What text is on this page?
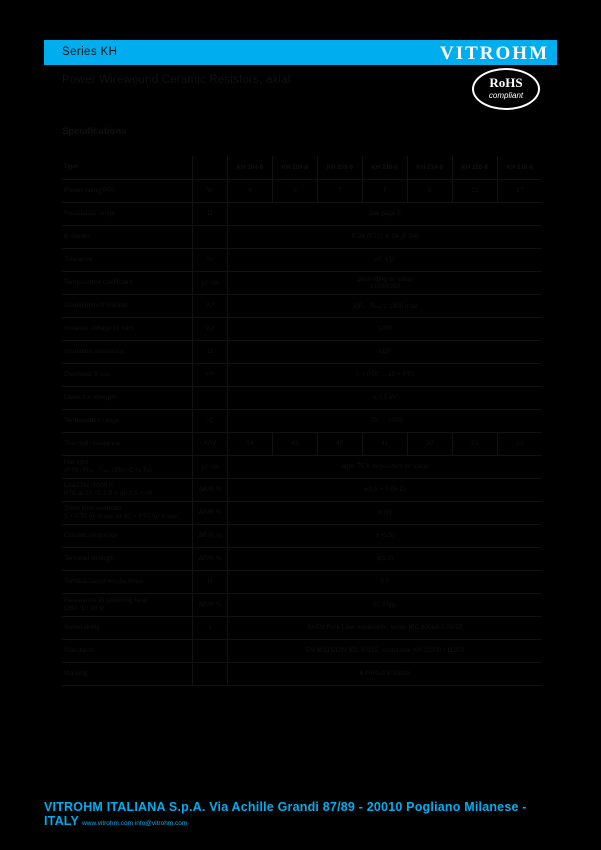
Series KH	VITROHM
Power Wirewound Ceramic Resistors, axial	RoHS
compliant
Specifications
Type		KH 204-8	KH 206-8	KH 208-8	KH 210-8	KH 214-8	KH 216-8	KH 218-8
Power rating P70	W	4	6	7	7	9	11	17
Resistance range	Ω	see page 6						
E-Series		E 24 (E12); E 24 (E 24)						
Tolerance	%	±5; ±10						
Temperature coefficient	10⁻⁶/K	depending on value
±100/±250						
Insulation test voltage	Vₑᶠᶠ	√(Pₓ · Rₘₐₓ); 1000 max						
Isolation voltage (1 min)	Vₑᶠᶠ	1000						
Insulation resistance	Ω	≥10⁹						
Overload, 5 sec	×P	5 × P70 … 10 × P70						
Dielectric strength		≥ 1.5 kV						
Temperature range	°C	-55 … +350						
Thermal resistance	K/W	54	43	40	41	30	23	13
Hot spot
(P70 · Rₜₕ · Tₐₘ₇/350 °C to Tₕ)	10⁻⁶/K	appr. 75 K dependent on value						
Load life, 1000 h
P70 at 70 °C 1.5 h on 0.5 h off	ΔR/R %	±(0.5 + 0.05 Ω)						
Short time overload
5 × P70 for 5 sec or 10 × P70 for 5 sec	ΔR/R %	± (1)						
Climatic sequence	ΔR/R %	± (0.5)						
Terminal strength	ΔR/R %	±(1.0)						
Terminal bend tensile force	N	5.0						
Resistance to soldering heat
(260 °C; 10 s)	ΔR/R %	±0.5 typ.						
Solderability	s	Sn/Pb Pure Line; solderable, better IEC 60068-2-58/27						
Standards		EN 60115/DIN IEC 60115; solderable KH 10200 / 11503						
Marking		4 Printed in colour						
VITROHM ITALIANA S.p.A. Via Achille Grandi 87/89 - 20010 Pogliano Milanese - ITALY www.vitrohm.com info@vitrohm.com
